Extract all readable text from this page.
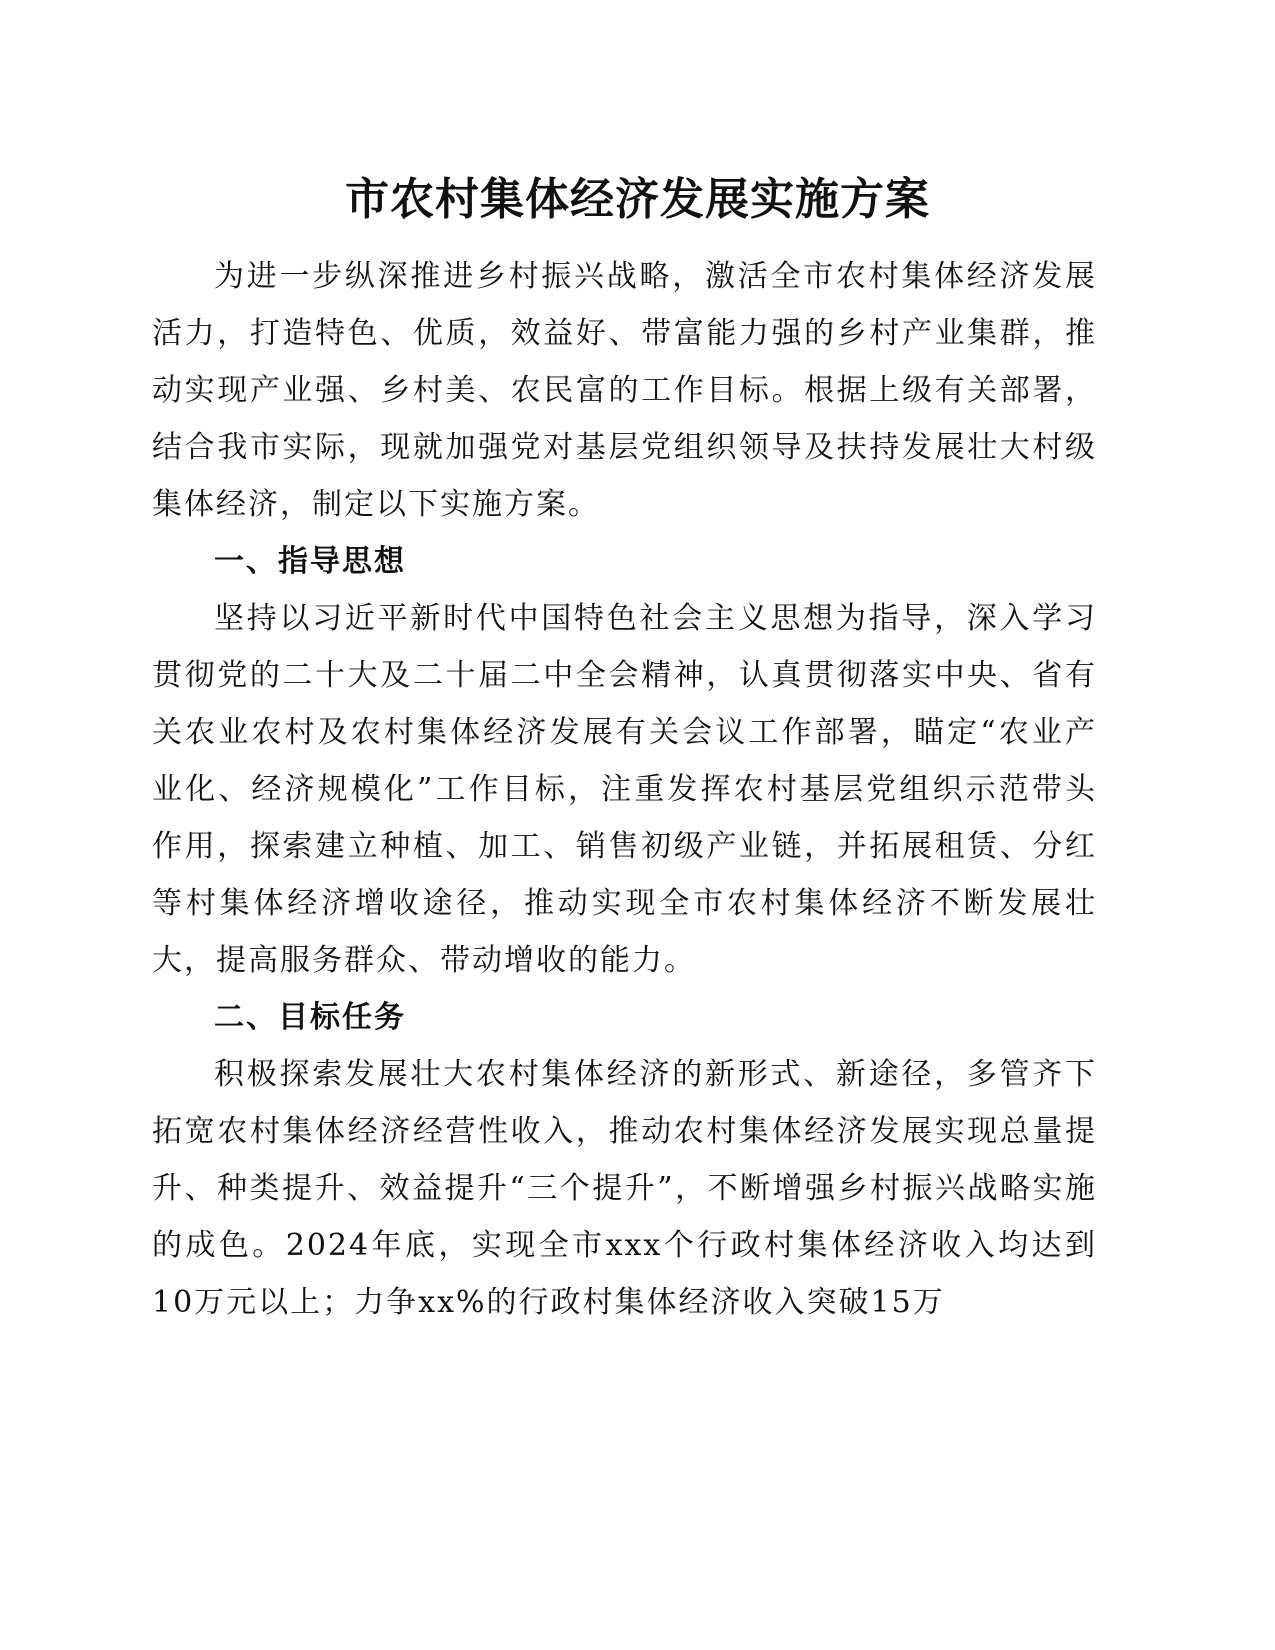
市农村集体经济发展实施方案

为进一步纵深推进乡村振兴战略，激活全市农村集体经济发展活力，打造特色、优质，效益好、带富能力强的乡村产业集群，推动实现产业强、乡村美、农民富的工作目标。根据上级有关部署，结合我市实际，现就加强党对基层党组织领导及扶持发展壮大村级集体经济，制定以下实施方案。

一、指导思想

坚持以习近平新时代中国特色社会主义思想为指导，深入学习贯彻党的二十大及二十届二中全会精神，认真贯彻落实中央、省有关农业农村及农村集体经济发展有关会议工作部署，瞄定“农业产业化、经济规模化”工作目标，注重发挥农村基层党组织示范带头作用，探索建立种植、加工、销售初级产业链，并拓展租赁、分红等村集体经济增收途径，推动实现全市农村集体经济不断发展壮大，提高服务群众、带动增收的能力。

二、目标任务

积极探索发展壮大农村集体经济的新形式、新途径，多管齐下拓宽农村集体经济经营性收入，推动农村集体经济发展实现总量提升、种类提升、效益提升“三个提升”，不断增强乡村振兴战略实施的成色。2024年底，实现全市xxx个行政村集体经济收入均达到10万元以上；力争xx%的行政村集体经济收入突破15万
